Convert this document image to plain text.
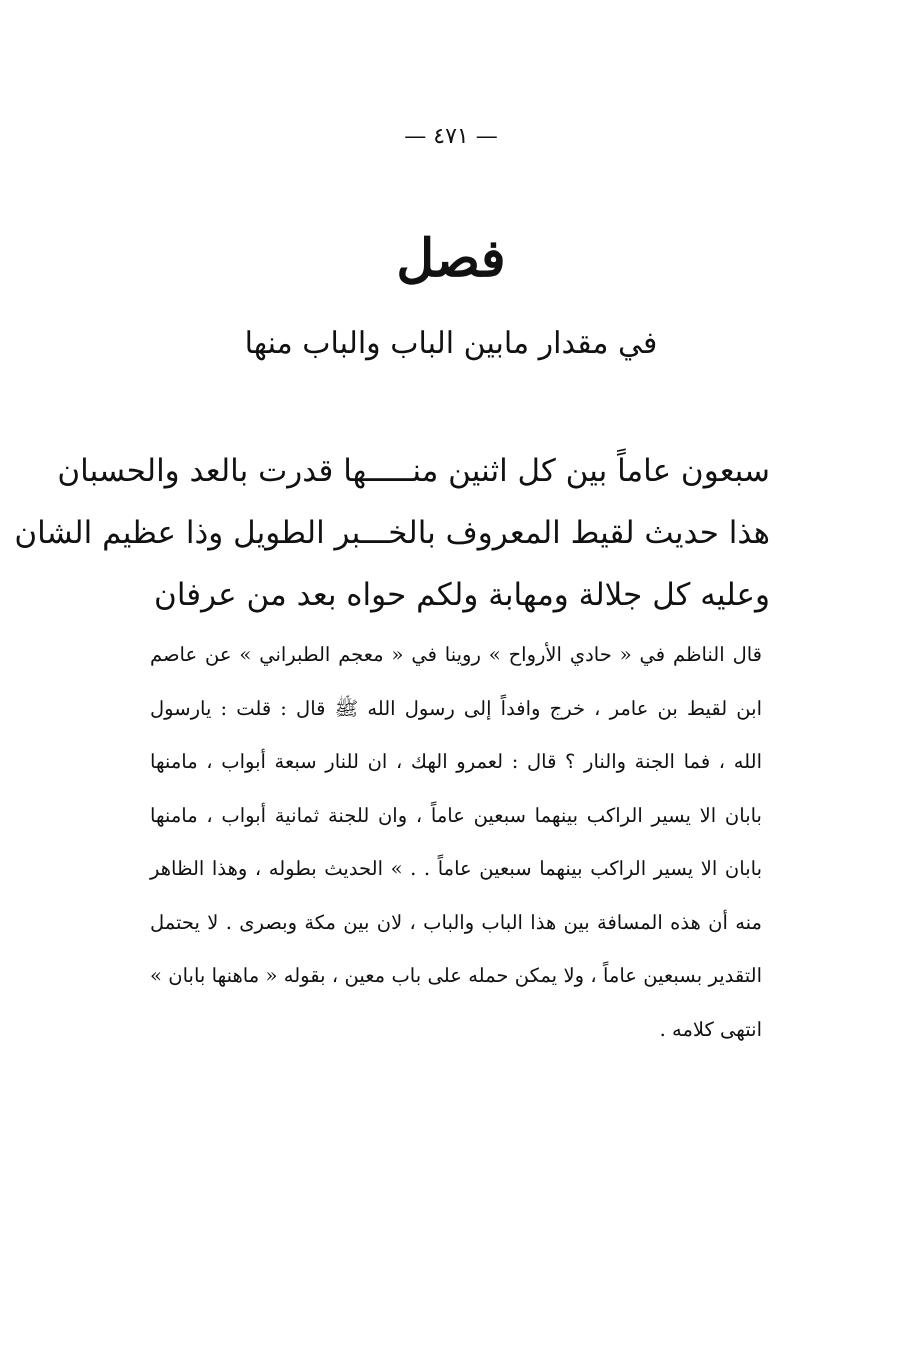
— ٤٧١ —
فصل
في مقدار مابين الباب والباب منها
سبعون عاماً بين كل اثنين منـــــها قدرت بالعد والحسبان
هذا حديث لقيط المعروف بالخـــبر الطويل وذا عظيم الشان
وعليه كل جلالة ومهابة ولكم حواه بعد من عرفان
قال الناظم في « حادي الأرواح » روينا في « معجم الطبراني » عن عاصم
ابن لقيط بن عامر ، خرج وافداً إلى رسول الله ﷺ قال : قلت : يارسول
الله ، فما الجنة والنار ؟ قال : لعمرو الهك ، ان للنار سبعة أبواب ، مامنها
بابان الا يسير الراكب بينهما سبعين عاماً ، وان للجنة ثمانية أبواب ، مامنها
بابان الا يسير الراكب بينهما سبعين عاماً . . » الحديث بطوله ، وهذا الظاهر
منه أن هذه المسافة بين هذا الباب والباب ، لان بين مكة وبصرى . لا يحتمل
التقدير بسبعين عاماً ، ولا يمكن حمله على باب معين ، بقوله « ماهنها بابان »
انتهى كلامه .
